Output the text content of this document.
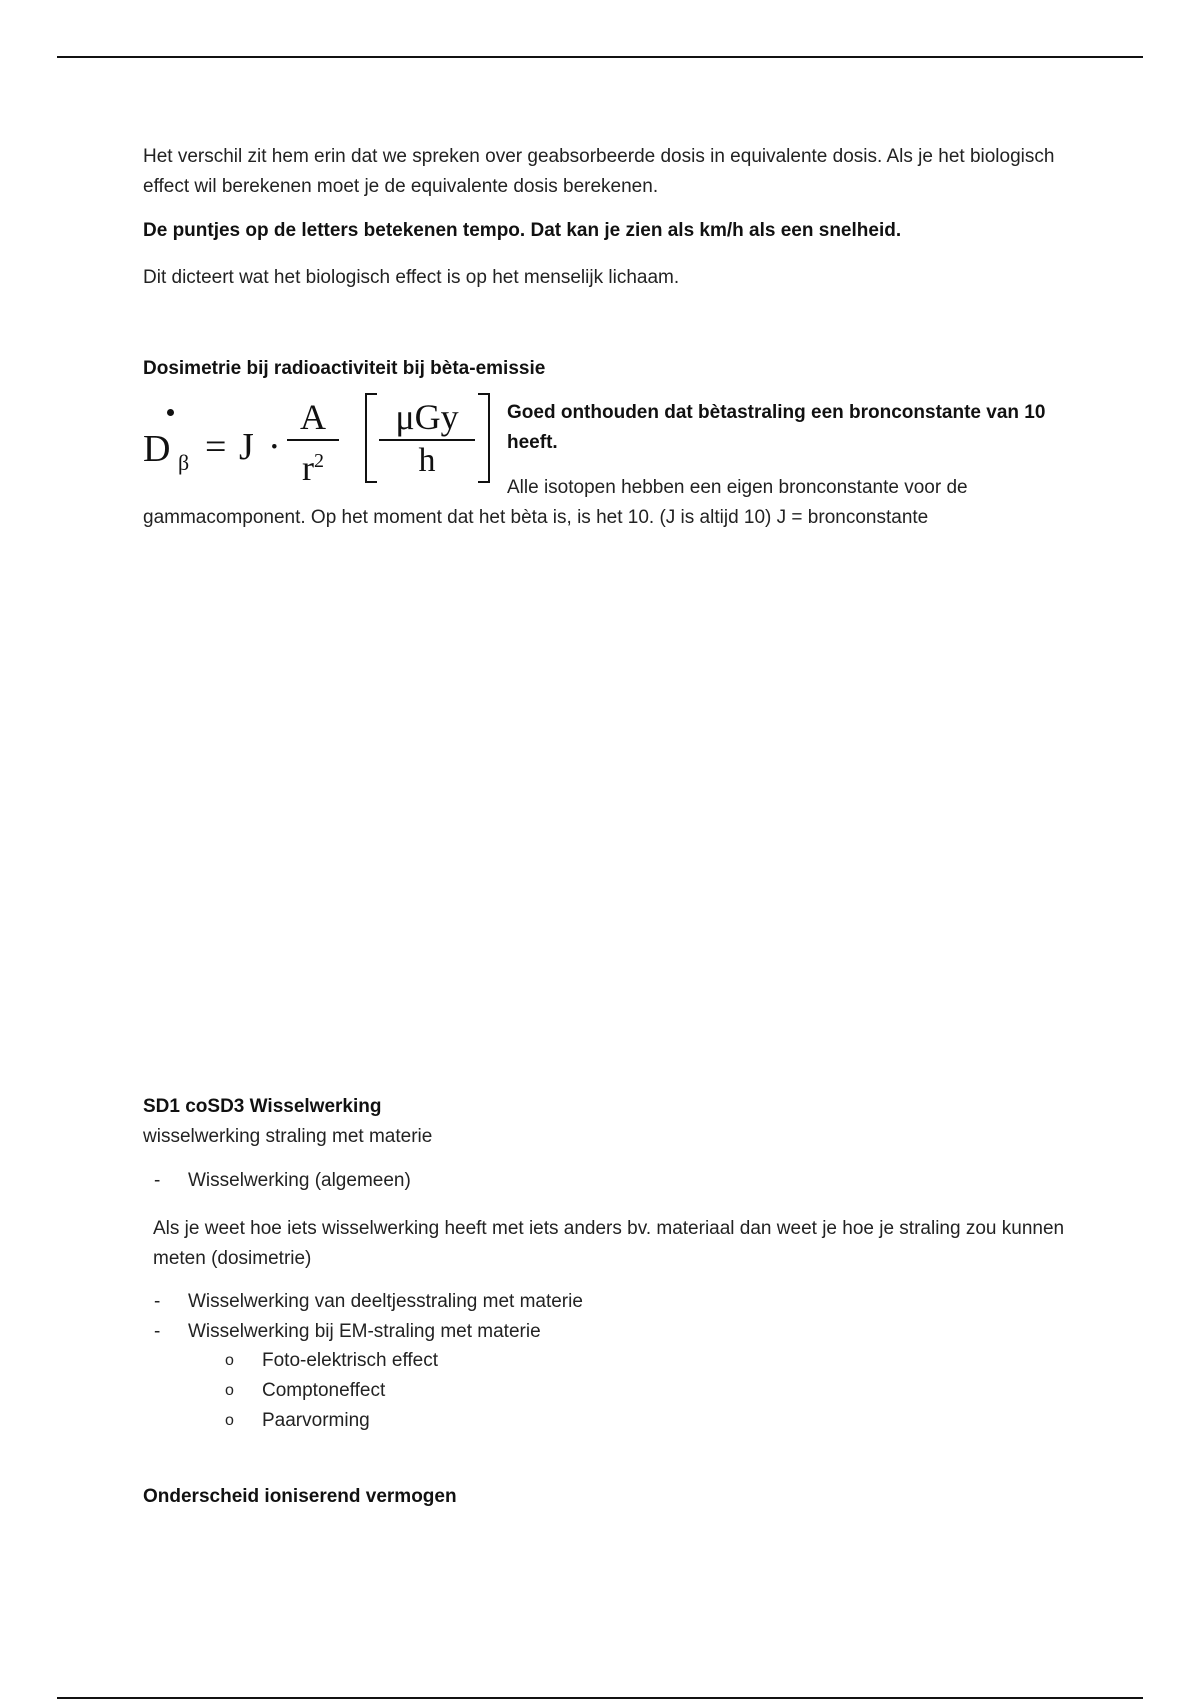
Het verschil zit hem erin dat we spreken over geabsorbeerde dosis in equivalente dosis. Als je het biologisch effect wil berekenen moet je de equivalente dosis berekenen.

De puntjes op de letters betekenen tempo. Dat kan je zien als km/h als een snelheid.

Dit dicteert wat het biologisch effect is op het menselijk lichaam.

Dosimetrie bij radioactiviteit bij bèta-emissie

D β = J ·
A
$r^2$
μGy
h

Goed onthouden dat bètastraling een bronconstante van 10 heeft.

Alle isotopen hebben een eigen bronconstante voor de

gammacomponent. Op het moment dat het bèta is, is het 10. (J is altijd 10) J = bronconstante

SD1 coSD3 Wisselwerking

wisselwerking straling met materie

- Wisselwerking (algemeen)

Als je weet hoe iets wisselwerking heeft met iets anders bv. materiaal dan weet je hoe je straling zou kunnen meten (dosimetrie)

- Wisselwerking van deeltjesstraling met materie
- Wisselwerking bij EM-straling met materie
o Foto-elektrisch effect
o Comptoneffect
o Paarvorming

Onderscheid ioniserend vermogen
